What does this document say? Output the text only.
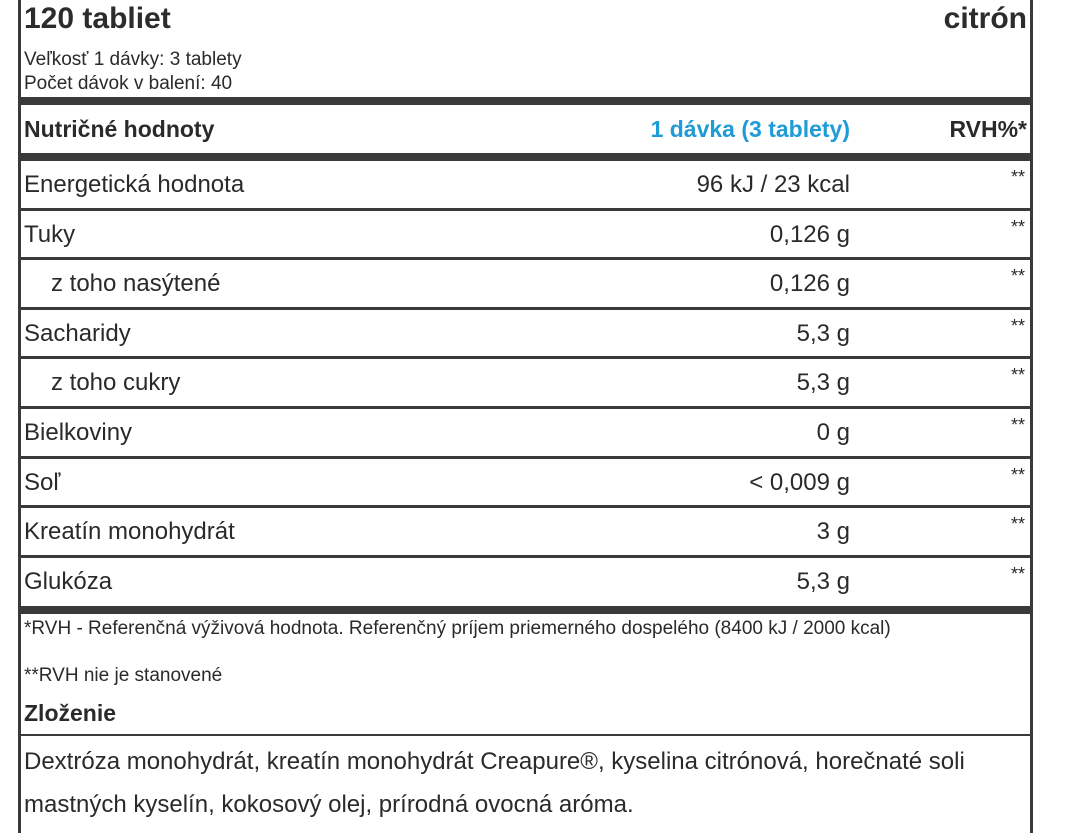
120 tabliet	citrón
Veľkosť 1 dávky: 3 tablety
Počet dávok v balení: 40
Nutričné hodnoty	1 dávka (3 tablety)	RVH%*
Energetická hodnota	96 kJ / 23 kcal	**
Tuky	0,126 g	**
z toho nasýtené	0,126 g	**
Sacharidy	5,3 g	**
z toho cukry	5,3 g	**
Bielkoviny	0 g	**
Soľ	< 0,009 g	**
Kreatín monohydrát	3 g	**
Glukóza	5,3 g	**
*RVH - Referenčná výživová hodnota. Referenčný príjem priemerného dospelého (8400 kJ / 2000 kcal)
**RVH nie je stanovené
Zloženie
Dextróza monohydrát, kreatín monohydrát Creapure®, kyselina citrónová, horečnaté soli mastných kyselín, kokosový olej, prírodná ovocná aróma.
